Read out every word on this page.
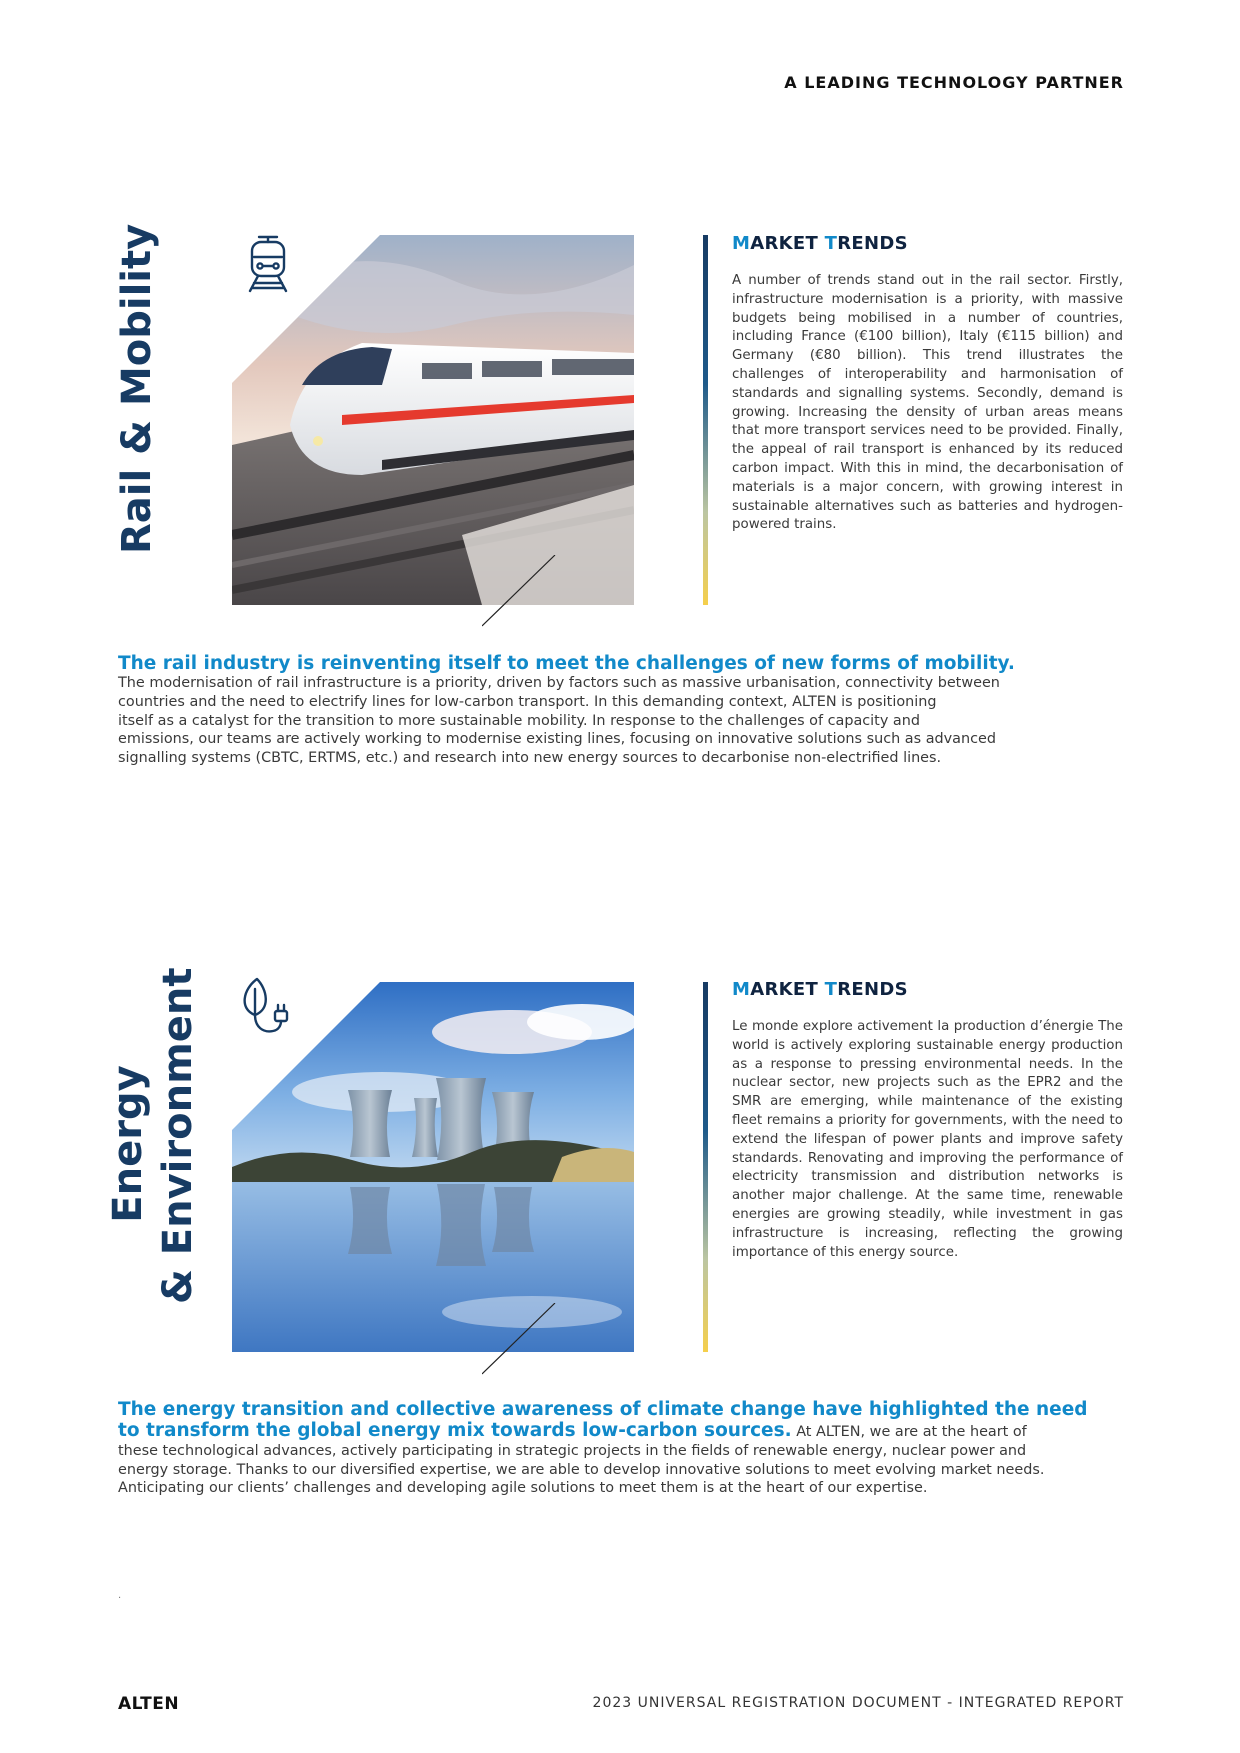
A LEADING TECHNOLOGY PARTNER
Rail & Mobility	MARKET TRENDS
A number of trends stand out in the rail sector. Firstly, infrastructure modernisation is a priority, with massive budgets being mobilised in a number of countries, including France (€100 billion), Italy (€115 billion) and Germany (€80 billion). This trend illustrates the challenges of interoperability and harmonisation of standards and signalling systems. Secondly, demand is growing. Increasing the density of urban areas means that more transport services need to be provided. Finally, the appeal of rail transport is enhanced by its reduced carbon impact. With this in mind, the decarbonisation of materials is a major concern, with growing interest in sustainable alternatives such as batteries and hydrogen-powered trains.
The rail industry is reinventing itself to meet the challenges of new forms of mobility.
The modernisation of rail infrastructure is a priority, driven by factors such as massive urbanisation, connectivity between
countries and the need to electrify lines for low-carbon transport. In this demanding context, ALTEN is positioning
itself as a catalyst for the transition to more sustainable mobility. In response to the challenges of capacity and
emissions, our teams are actively working to modernise existing lines, focusing on innovative solutions such as advanced
signalling systems (CBTC, ERTMS, etc.) and research into new energy sources to decarbonise non-electrified lines.
Energy & Environment	MARKET TRENDS
Le monde explore activement la production d’énergie The world is actively exploring sustainable energy production as a response to pressing environmental needs. In the nuclear sector, new projects such as the EPR2 and the SMR are emerging, while maintenance of the existing fleet remains a priority for governments, with the need to extend the lifespan of power plants and improve safety standards. Renovating and improving the performance of electricity transmission and distribution networks is another major challenge. At the same time, renewable energies are growing steadily, while investment in gas infrastructure is increasing, reflecting the growing importance of this energy source.
The energy transition and collective awareness of climate change have highlighted the need
to transform the global energy mix towards low-carbon sources. At ALTEN, we are at the heart of
these technological advances, actively participating in strategic projects in the fields of renewable energy, nuclear power and
energy storage. Thanks to our diversified expertise, we are able to develop innovative solutions to meet evolving market needs.
Anticipating our clients’ challenges and developing agile solutions to meet them is at the heart of our expertise.
.
ALTEN	2023 UNIVERSAL REGISTRATION DOCUMENT - INTEGRATED REPORT
